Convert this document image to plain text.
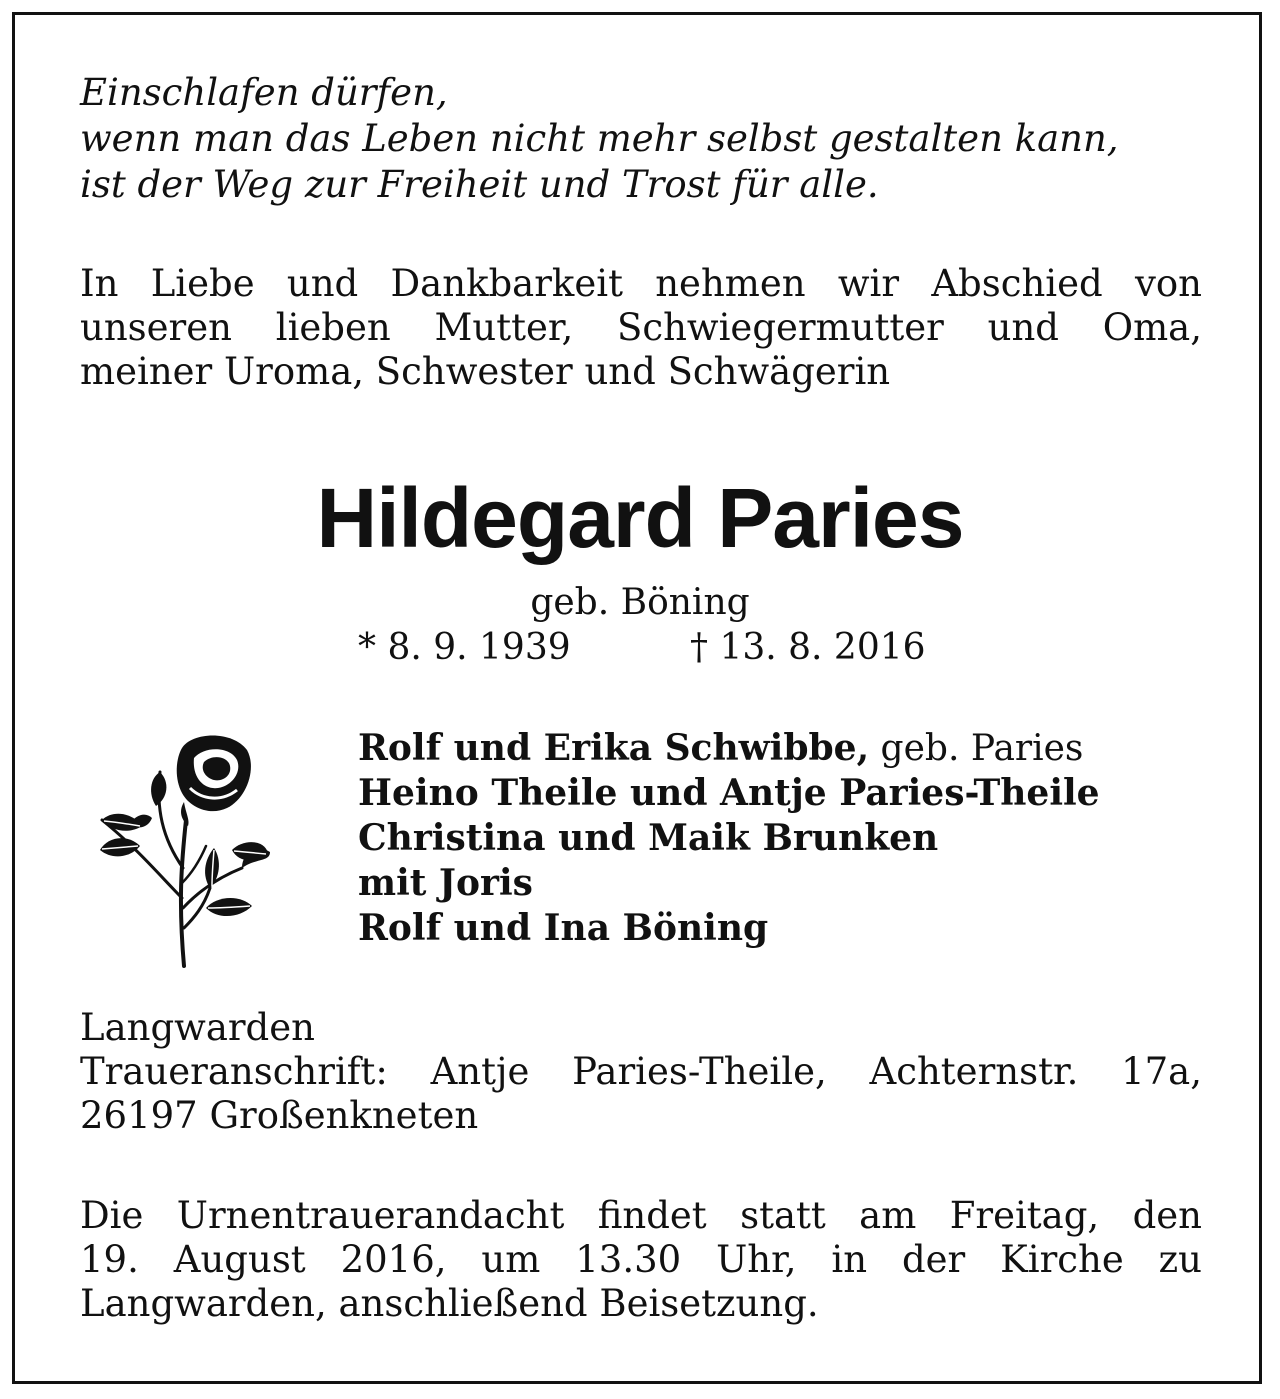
Einschlafen dürfen,
wenn man das Leben nicht mehr selbst gestalten kann,
ist der Weg zur Freiheit und Trost für alle.
In Liebe und Dankbarkeit nehmen wir Abschied von
unseren lieben Mutter, Schwiegermutter und Oma,
meiner Uroma, Schwester und Schwägerin
Hildegard Paries
geb. Böning
* 8. 9. 1939	† 13. 8. 2016
Rolf und Erika Schwibbe, geb. Paries
Heino Theile und Antje Paries-Theile
Christina und Maik Brunken
mit Joris
Rolf und Ina Böning
Langwarden
Traueranschrift: Antje Paries-Theile, Achternstr. 17a,
26197 Großenkneten
Die Urnentrauerandacht findet statt am Freitag, den
19. August 2016, um 13.30 Uhr, in der Kirche zu
Langwarden, anschließend Beisetzung.
